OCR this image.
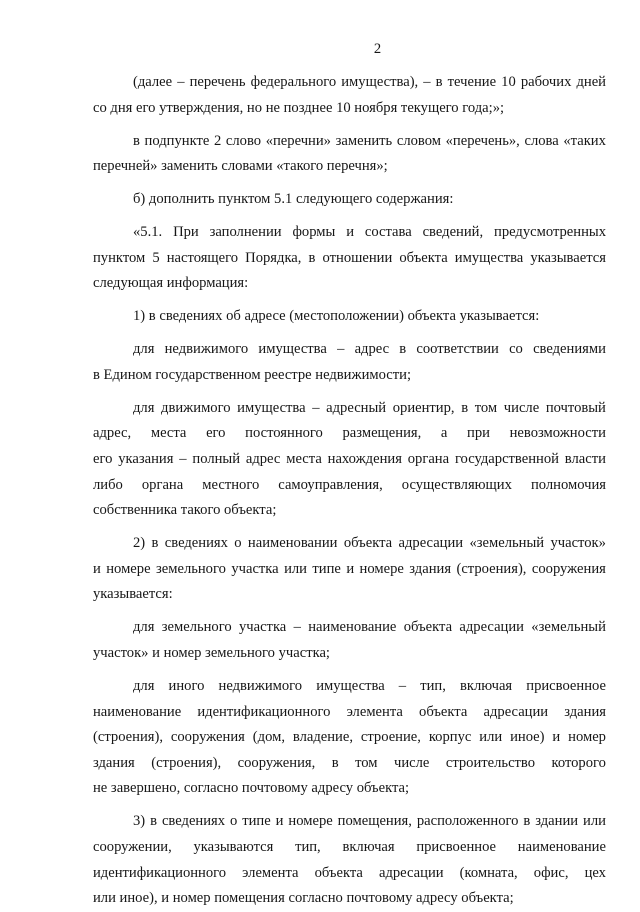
2
(далее – перечень федерального имущества), – в течение 10 рабочих дней
со дня его утверждения, но не позднее 10 ноября текущего года;»;
в подпункте 2 слово «перечни» заменить словом «перечень», слова «таких
перечней» заменить словами «такого перечня»;
б) дополнить пунктом 5.1 следующего содержания:
«5.1. При заполнении формы и состава сведений, предусмотренных
пунктом 5 настоящего Порядка, в отношении объекта имущества указывается
следующая информация:
1) в сведениях об адресе (местоположении) объекта указывается:
для недвижимого имущества – адрес в соответствии со сведениями
в Едином государственном реестре недвижимости;
для движимого имущества – адресный ориентир, в том числе почтовый
адрес, места его постоянного размещения, а при невозможности
его указания – полный адрес места нахождения органа государственной власти
либо органа местного самоуправления, осуществляющих полномочия
собственника такого объекта;
2) в сведениях о наименовании объекта адресации «земельный участок»
и номере земельного участка или типе и номере здания (строения), сооружения
указывается:
для земельного участка – наименование объекта адресации «земельный
участок» и номер земельного участка;
для иного недвижимого имущества – тип, включая присвоенное
наименование идентификационного элемента объекта адресации здания
(строения), сооружения (дом, владение, строение, корпус или иное) и номер
здания (строения), сооружения, в том числе строительство которого
не завершено, согласно почтовому адресу объекта;
3) в сведениях о типе и номере помещения, расположенного в здании или
сооружении, указываются тип, включая присвоенное наименование
идентификационного элемента объекта адресации (комната, офис, цех
или иное), и номер помещения согласно почтовому адресу объекта;
